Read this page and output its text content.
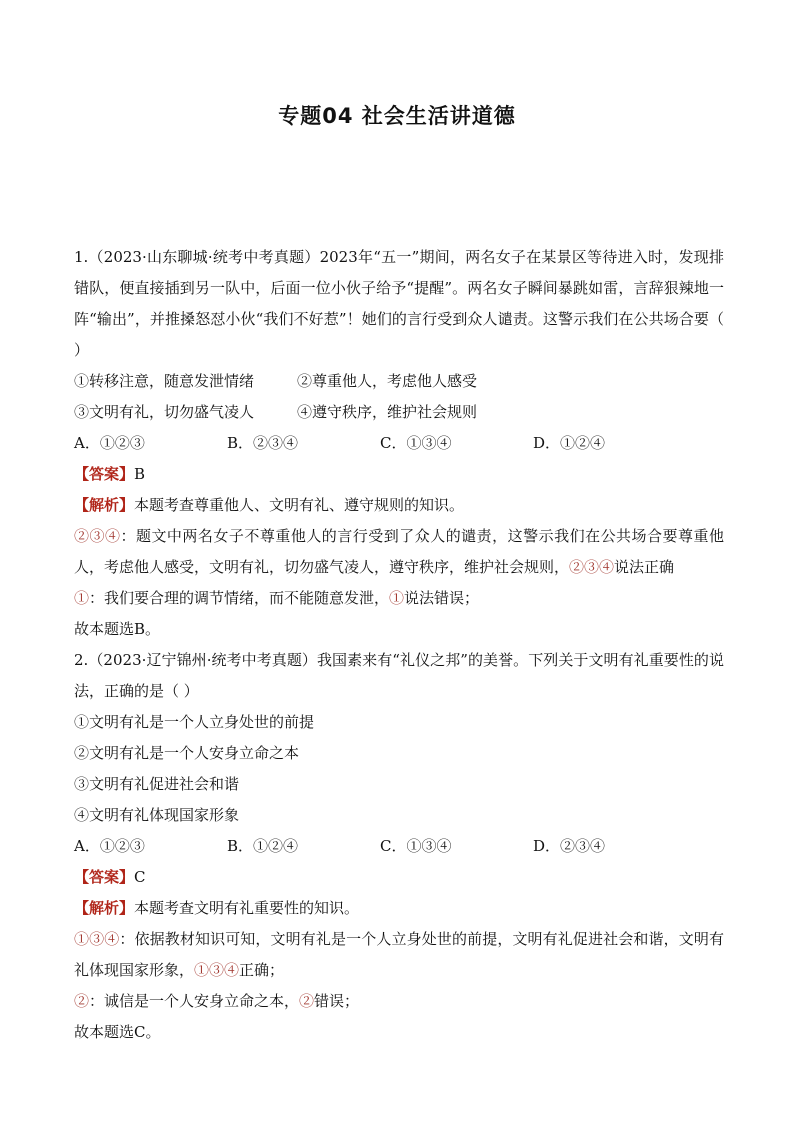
专题04 社会生活讲道德
1.（2023·山东聊城·统考中考真题）2023年“五一”期间，两名女子在某景区等待进入时，发现排错队，便直接插到另一队中，后面一位小伙子给予“提醒”。两名女子瞬间暴跳如雷，言辞狠辣地一阵“输出”，并推搡怒怼小伙“我们不好惹”！她们的言行受到众人谴责。这警示我们在公共场合要（ ）
①转移注意，随意发泄情绪	②尊重他人，考虑他人感受
③文明有礼，切勿盛气凌人	④遵守秩序，维护社会规则
A．①②③	B．②③④	C．①③④	D．①②④
【答案】B
【解析】本题考查尊重他人、文明有礼、遵守规则的知识。
②③④：题文中两名女子不尊重他人的言行受到了众人的谴责，这警示我们在公共场合要尊重他人，考虑他人感受，文明有礼，切勿盛气凌人，遵守秩序，维护社会规则，②③④说法正确
①：我们要合理的调节情绪，而不能随意发泄，①说法错误；
故本题选B。
2.（2023·辽宁锦州·统考中考真题）我国素来有“礼仪之邦”的美誉。下列关于文明有礼重要性的说法，正确的是（ ）
①文明有礼是一个人立身处世的前提
②文明有礼是一个人安身立命之本
③文明有礼促进社会和谐
④文明有礼体现国家形象
A．①②③	B．①②④	C．①③④	D．②③④
【答案】C
【解析】本题考查文明有礼重要性的知识。
①③④：依据教材知识可知，文明有礼是一个人立身处世的前提，文明有礼促进社会和谐，文明有礼体现国家形象，①③④正确；
②：诚信是一个人安身立命之本，②错误；
故本题选C。
